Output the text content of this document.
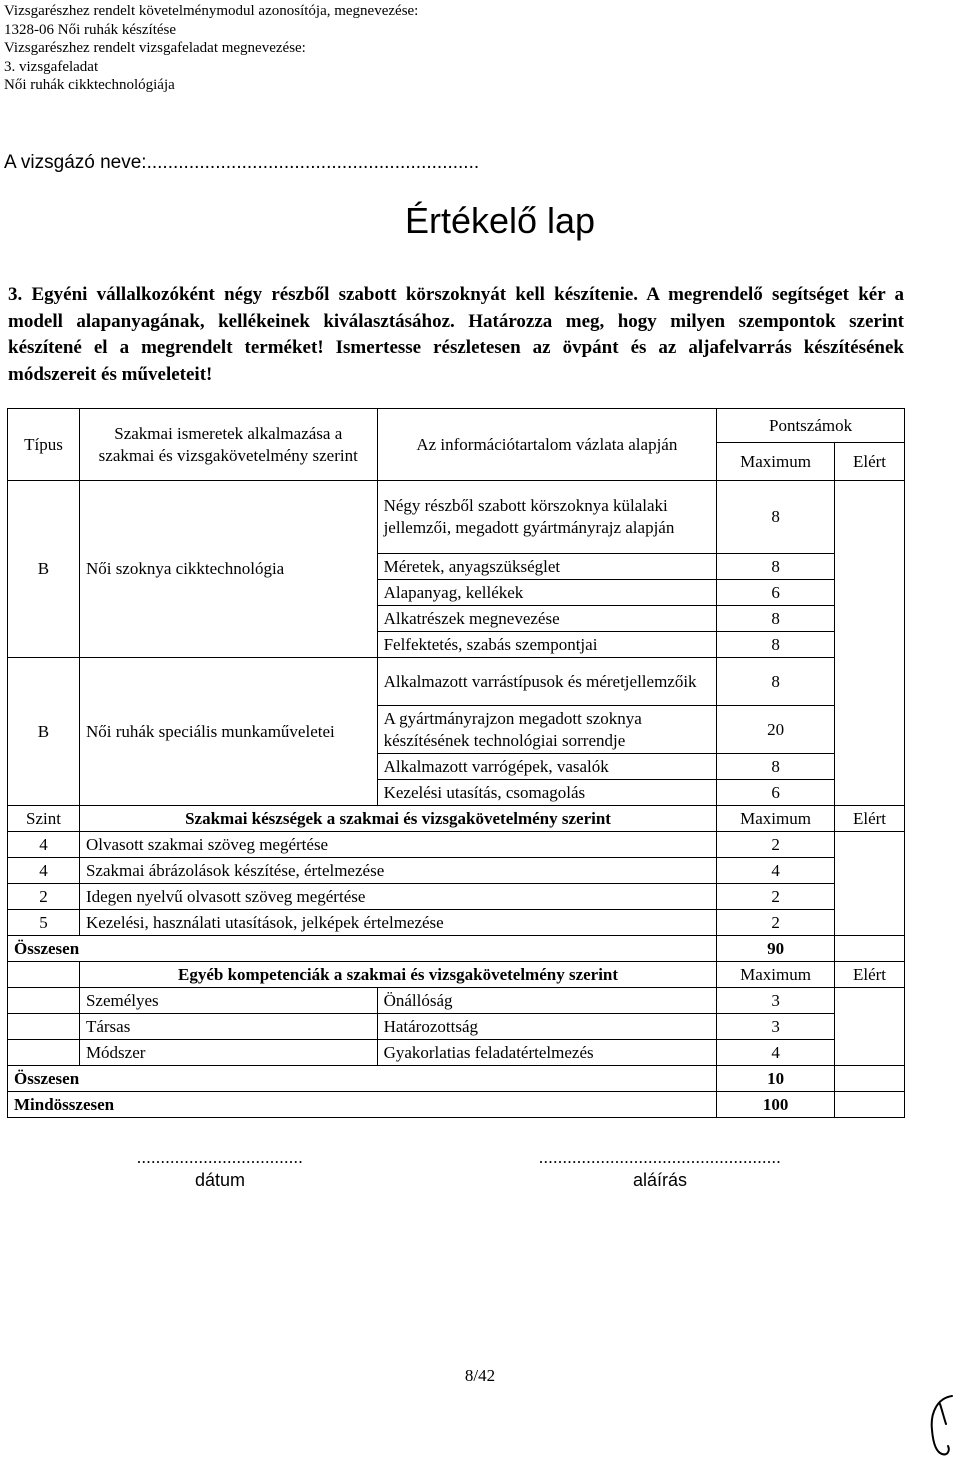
Vizsgarészhez rendelt követelménymodul azonosítója, megnevezése:
1328-06 Női ruhák készítése
Vizsgarészhez rendelt vizsgafeladat megnevezése:
3. vizsgafeladat
Női ruhák cikktechnológiája
A vizsgázó neve:...............................................................
Értékelő lap
3. Egyéni vállalkozóként négy részből szabott körszoknyát kell készítenie. A megrendelő segítséget kér a modell alapanyagának, kellékeinek kiválasztásához. Határozza meg, hogy milyen szempontok szerint készítené el a megrendelt terméket! Ismertesse részletesen az övpánt és az aljafelvarrás készítésének módszereit és műveleteit!
Típus	Szakmai ismeretek alkalmazása a szakmai és vizsgakövetelmény szerint	Az információtartalom vázlata alapján	Pontszámok	
			Maximum	Elért
B	Női szoknya cikktechnológia	Négy részből szabott körszoknya külalaki jellemzői, megadott gyártmányrajz alapján	8	
		Méretek, anyagszükséglet	8	
		Alapanyag, kellékek	6	
		Alkatrészek megnevezése	8	
		Felfektetés, szabás szempontjai	8	
B	Női ruhák speciális munkaműveletei	Alkalmazott varrástípusok és méretjellemzőik	8	
		A gyártmányrajzon megadott szoknya készítésének technológiai sorrendje	20	
		Alkalmazott varrógépek, vasalók	8	
		Kezelési utasítás, csomagolás	6	
Szint	Szakmai készségek a szakmai és vizsgakövetelmény szerint		Maximum	Elért
4	Olvasott szakmai szöveg megértése		2	
4	Szakmai ábrázolások készítése, értelmezése		4	
2	Idegen nyelvű olvasott szöveg megértése		2	
5	Kezelési, használati utasítások, jelképek értelmezése		2	
Összesen			90	
	Egyéb kompetenciák a szakmai és vizsgakövetelmény szerint		Maximum	Elért
	Személyes	Önállóság	3	
	Társas	Határozottság	3	
	Módszer	Gyakorlatias feladatértelmezés	4	
Összesen			10	
Mindösszesen			100	
...................................
dátum
...................................................
aláírás
8/42
